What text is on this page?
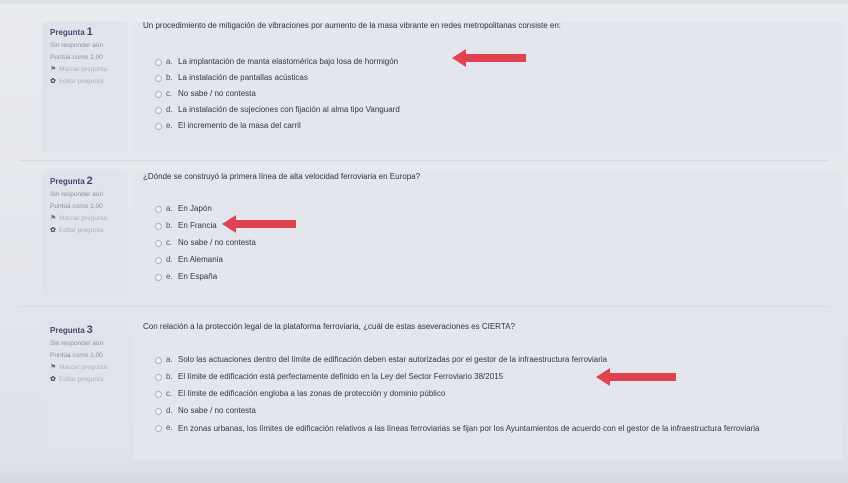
Pregunta 1
Sin responder aún
Puntúa como 1,00
⚑ Marcar pregunta
✿ Editar pregunta
Un procedimiento de mitigación de vibraciones por aumento de la masa vibrante en redes metropolitanas consiste en:
a. La implantación de manta elastomérica bajo losa de hormigón
b. La instalación de pantallas acústicas
c. No sabe / no contesta
d. La instalación de sujeciones con fijación al alma tipo Vanguard
e. El incremento de la masa del carril
Pregunta 2
Sin responder aún
Puntúa como 1,00
⚑ Marcar pregunta
✿ Editar pregunta
¿Dónde se construyó la primera línea de alta velocidad ferroviaria en Europa?
a. En Japón
b. En Francia
c. No sabe / no contesta
d. En Alemania
e. En España
Pregunta 3
Sin responder aún
Puntúa como 1,00
⚑ Marcar pregunta
✿ Editar pregunta
Con relación a la protección legal de la plataforma ferroviaria, ¿cuál de estas aseveraciones es CIERTA?
a. Solo las actuaciones dentro del límite de edificación deben estar autorizadas por el gestor de la infraestructura ferroviaria
b. El límite de edificación está perfectamente definido en la Ley del Sector Ferroviario 38/2015
c. El límite de edificación engloba a las zonas de protección y dominio público
d. No sabe / no contesta
e. En zonas urbanas, los límites de edificación relativos a las líneas ferroviarias se fijan por los Ayuntamientos de acuerdo con el gestor de la infraestructura ferroviaria
